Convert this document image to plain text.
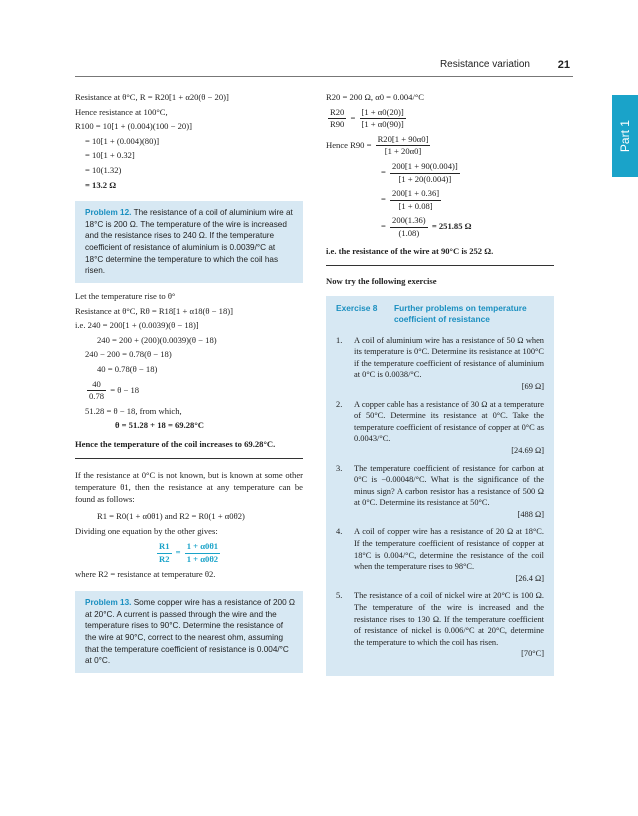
Resistance variation	21
Part 1
Resistance at θ°C, R = R20[1 + α20(θ − 20)]
Hence resistance at 100°C,
R100 = 10[1 + (0.004)(100 − 20)]
= 10[1 + (0.004)(80)]
= 10[1 + 0.32]
= 10(1.32)
= 13.2 Ω
Problem 12. The resistance of a coil of aluminium wire at 18°C is 200 Ω. The temperature of the wire is increased and the resistance rises to 240 Ω. If the temperature coefficient of resistance of aluminium is 0.0039/°C at 18°C determine the temperature to which the coil has risen.
Let the temperature rise to θ°
Resistance at θ°C, Rθ = R18[1 + α18(θ − 18)]
i.e. 240 = 200[1 + (0.0039)(θ − 18)]
240 = 200 + (200)(0.0039)(θ − 18)
240 − 200 = 0.78(θ − 18)
40 = 0.78(θ − 18)
$\frac{40}{0.78} = \theta - 18$
51.28 = θ − 18, from which,
θ = 51.28 + 18 = 69.28°C
Hence the temperature of the coil increases to 69.28°C.
If the resistance at 0°C is not known, but is known at some other temperature θ1, then the resistance at any temperature can be found as follows:
R1 = R0(1 + α0θ1) and R2 = R0(1 + α0θ2)
Dividing one equation by the other gives:
$\frac{R1}{R2} = \frac{1 + \alpha 0\theta 1}{1 + \alpha 0\theta 2}$
where R2 = resistance at temperature θ2.
Problem 13. Some copper wire has a resistance of 200 Ω at 20°C. A current is passed through the wire and the temperature rises to 90°C. Determine the resistance of the wire at 90°C, correct to the nearest ohm, assuming that the temperature coefficient of resistance is 0.004/°C at 0°C.
R20 = 200 Ω, α0 = 0.004/°C
$\frac{R20}{R90} = \frac{[1 + \alpha 0(20)]}{[1 + \alpha 0(90)]}$
Hence $R90 = \frac{R20[1 + 90\alpha 0]}{[1 + 20\alpha 0]}$
= $\frac{200[1 + 90(0.004)]}{[1 + 20(0.004)]}$
= $\frac{200[1 + 0.36]}{[1 + 0.08]}$
= $\frac{200(1.36)}{(1.08)} = 251.85$ Ω
i.e. the resistance of the wire at 90°C is 252 Ω.
Now try the following exercise
Exercise 8	Further problems on temperature coefficient of resistance
1.	A coil of aluminium wire has a resistance of 50 Ω when its temperature is 0°C. Determine its resistance at 100°C if the temperature coefficient of resistance of aluminium at 0°C is 0.0038/°C.
[69 Ω]
2.	A copper cable has a resistance of 30 Ω at a temperature of 50°C. Determine its resistance at 0°C. Take the temperature coefficient of resistance of copper at 0°C as 0.0043/°C.
[24.69 Ω]
3.	The temperature coefficient of resistance for carbon at 0°C is −0.00048/°C. What is the significance of the minus sign? A carbon resistor has a resistance of 500 Ω at 0°C. Determine its resistance at 50°C.
[488 Ω]
4.	A coil of copper wire has a resistance of 20 Ω at 18°C. If the temperature coefficient of resistance of copper at 18°C is 0.004/°C, determine the resistance of the coil when the temperature rises to 98°C.
[26.4 Ω]
5.	The resistance of a coil of nickel wire at 20°C is 100 Ω. The temperature of the wire is increased and the resistance rises to 130 Ω. If the temperature coefficient of resistance of nickel is 0.006/°C at 20°C, determine the temperature to which the coil has risen.
[70°C]
